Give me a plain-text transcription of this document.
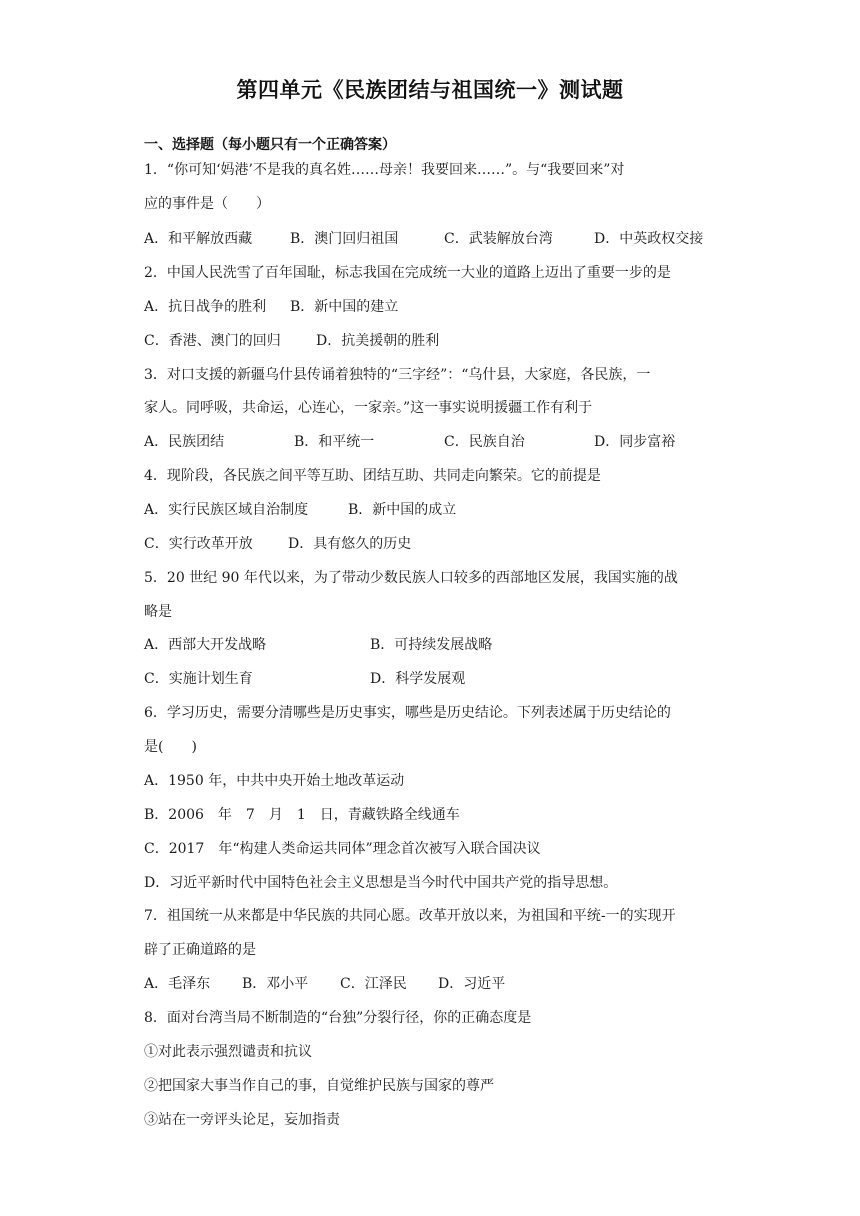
第四单元《民族团结与祖国统一》测试题
一、选择题（每小题只有一个正确答案）
1．“你可知‘妈港’不是我的真名姓……母亲！我要回来……”。与“我要回来”对
应的事件是（　　）
A．和平解放西藏	B．澳门回归祖国	C．武装解放台湾	D．中英政权交接
2．中国人民洗雪了百年国耻，标志我国在完成统一大业的道路上迈出了重要一步的是
A．抗日战争的胜利 B．新中国的建立
C．香港、澳门的回归	D．抗美援朝的胜利
3．对口支援的新疆乌什县传诵着独特的“三字经”：“乌什县，大家庭，各民族，一
家人。同呼吸，共命运，心连心，一家亲。”这一事实说明援疆工作有利于
A．民族团结	B．和平统一	C．民族自治	D．同步富裕
4．现阶段，各民族之间平等互助、团结互助、共同走向繁荣。它的前提是
A．实行民族区域自治制度	B．新中国的成立
C．实行改革开放	D．具有悠久的历史
5．20 世纪 90 年代以来，为了带动少数民族人口较多的西部地区发展，我国实施的战
略是
A．西部大开发战略	B．可持续发展战略
C．实施计划生育	D．科学发展观
6．学习历史，需要分清哪些是历史事实，哪些是历史结论。下列表述属于历史结论的
是(　　)
A．1950 年，中共中央开始土地改革运动
B．2006　年　7　月　1　日，青藏铁路全线通车
C．2017　年“构建人类命运共同体”理念首次被写入联合国决议
D．习近平新时代中国特色社会主义思想是当今时代中国共产党的指导思想。
7．祖国统一从来都是中华民族的共同心愿。改革开放以来，为祖国和平统-一的实现开
辟了正确道路的是
A．毛泽东 B．邓小平 C．江泽民 D．习近平
8．面对台湾当局不断制造的“台独”分裂行径，你的正确态度是
①对此表示强烈谴责和抗议
②把国家大事当作自己的事，自觉维护民族与国家的尊严
③站在一旁评头论足，妄加指责
